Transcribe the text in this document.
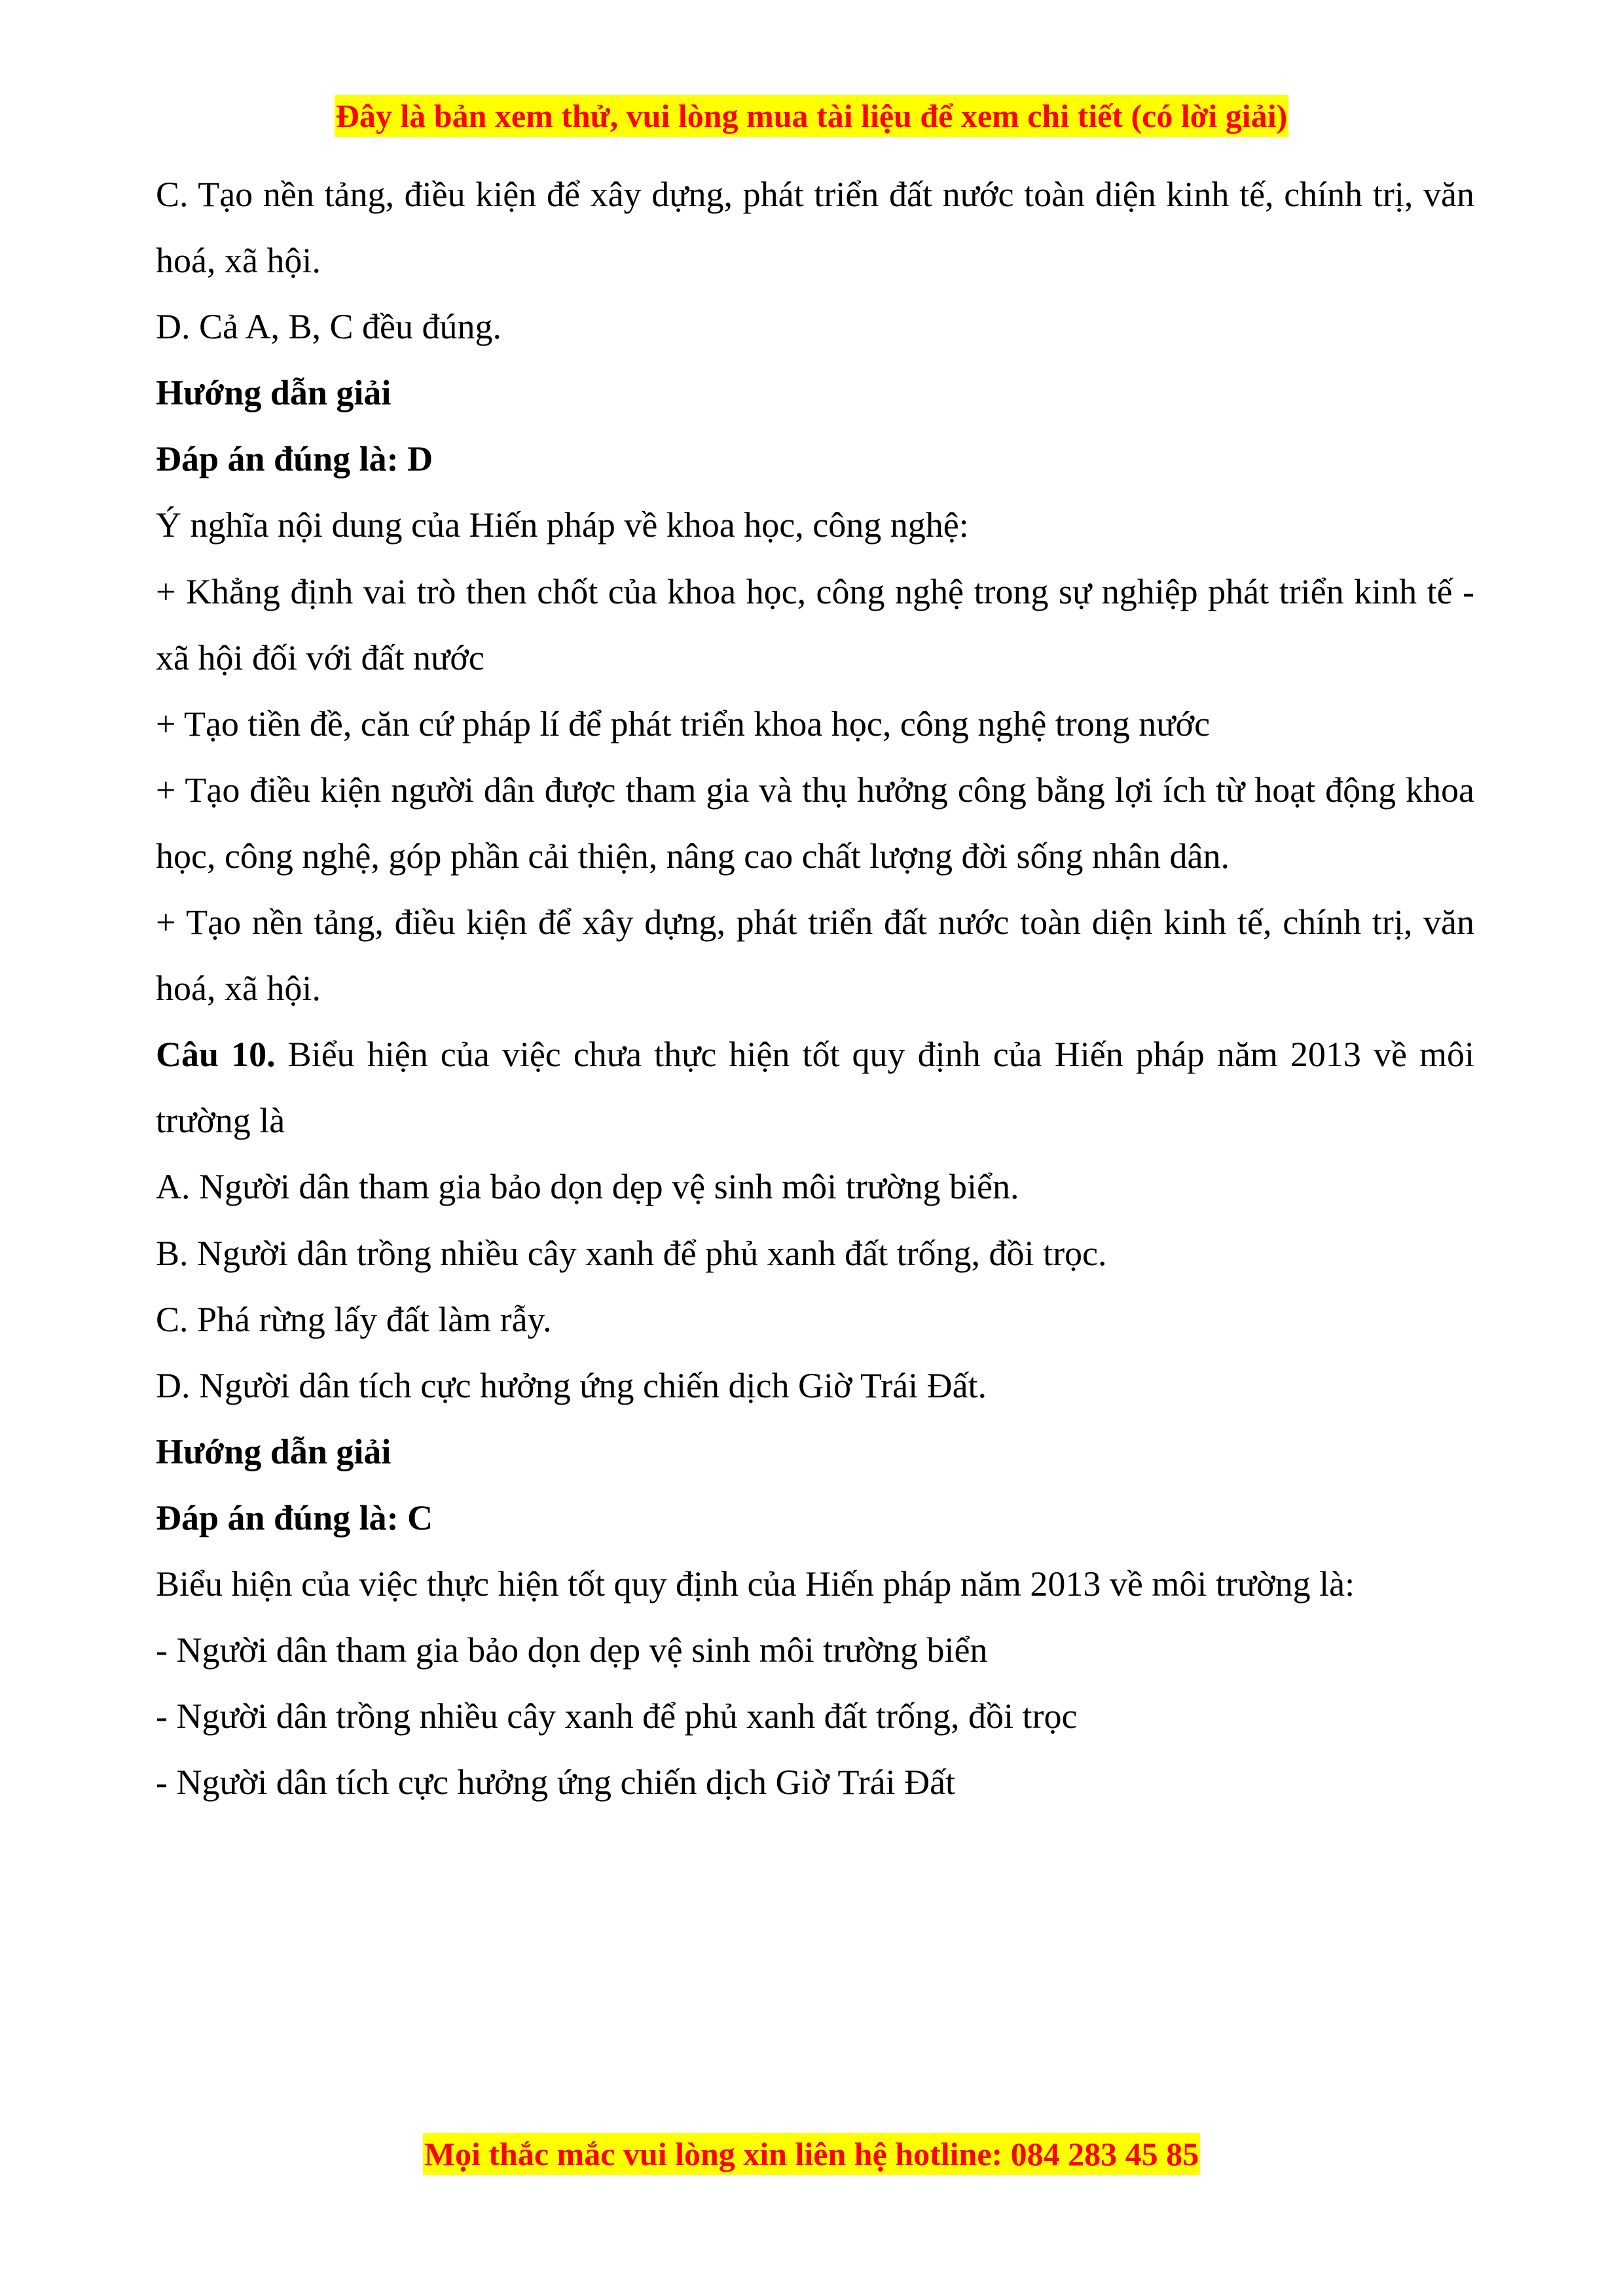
Đây là bản xem thử, vui lòng mua tài liệu để xem chi tiết (có lời giải)

C. Tạo nền tảng, điều kiện để xây dựng, phát triển đất nước toàn diện kinh tế, chính trị, văn hoá, xã hội.

D. Cả A, B, C đều đúng.

Hướng dẫn giải

Đáp án đúng là: D

Ý nghĩa nội dung của Hiến pháp về khoa học, công nghệ:

+ Khẳng định vai trò then chốt của khoa học, công nghệ trong sự nghiệp phát triển kinh tế - xã hội đối với đất nước

+ Tạo tiền đề, căn cứ pháp lí để phát triển khoa học, công nghệ trong nước

+ Tạo điều kiện người dân được tham gia và thụ hưởng công bằng lợi ích từ hoạt động khoa học, công nghệ, góp phần cải thiện, nâng cao chất lượng đời sống nhân dân.

+ Tạo nền tảng, điều kiện để xây dựng, phát triển đất nước toàn diện kinh tế, chính trị, văn hoá, xã hội.

Câu 10. Biểu hiện của việc chưa thực hiện tốt quy định của Hiến pháp năm 2013 về môi trường là

A. Người dân tham gia bảo dọn dẹp vệ sinh môi trường biển.

B. Người dân trồng nhiều cây xanh để phủ xanh đất trống, đồi trọc.

C. Phá rừng lấy đất làm rẫy.

D. Người dân tích cực hưởng ứng chiến dịch Giờ Trái Đất.

Hướng dẫn giải

Đáp án đúng là: C

Biểu hiện của việc thực hiện tốt quy định của Hiến pháp năm 2013 về môi trường là:

- Người dân tham gia bảo dọn dẹp vệ sinh môi trường biển

- Người dân trồng nhiều cây xanh để phủ xanh đất trống, đồi trọc

- Người dân tích cực hưởng ứng chiến dịch Giờ Trái Đất

Mọi thắc mắc vui lòng xin liên hệ hotline: 084 283 45 85
